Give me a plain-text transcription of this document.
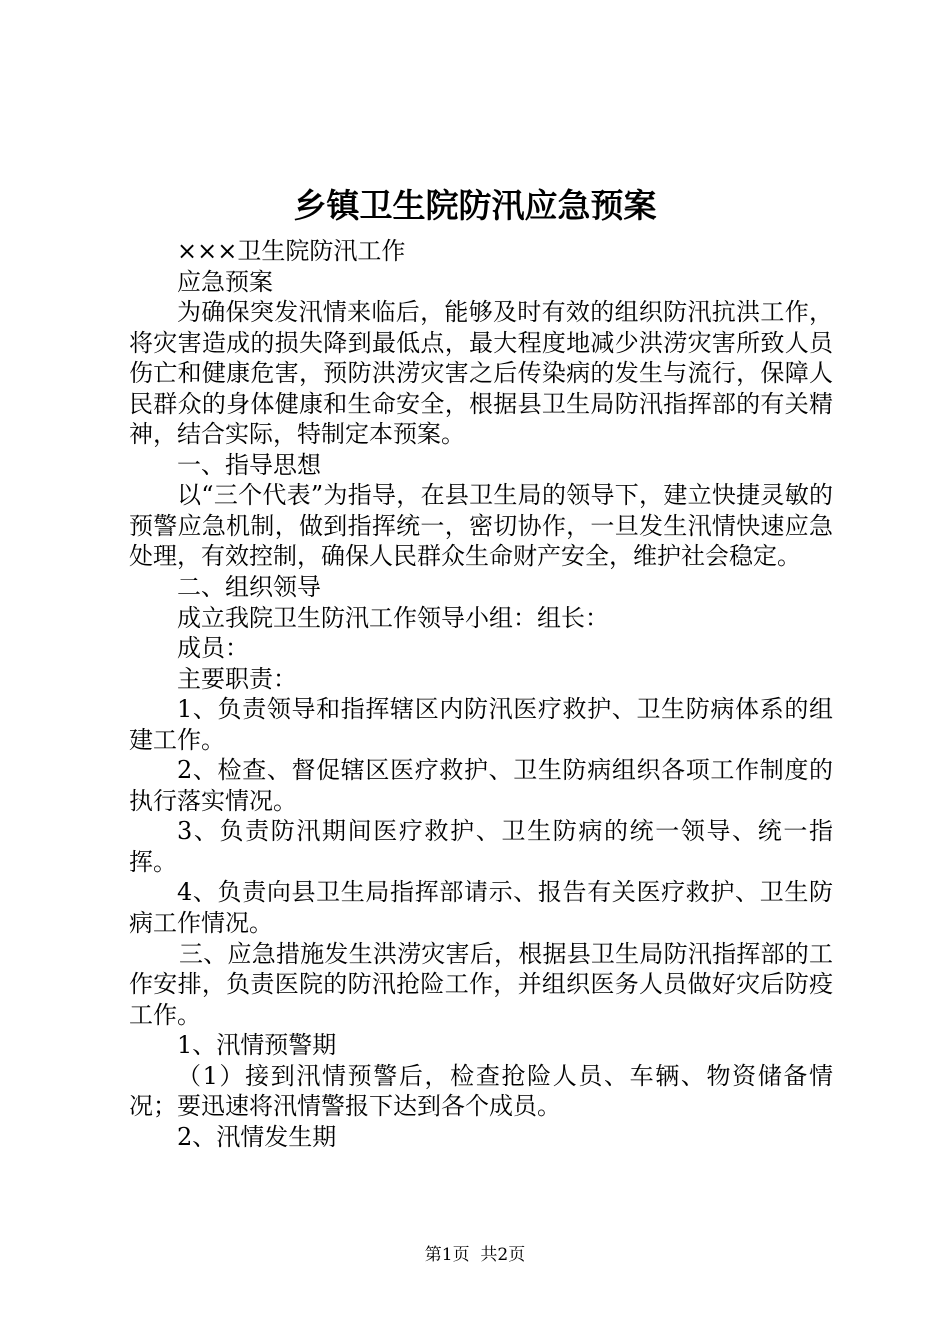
乡镇卫生院防汛应急预案

×××卫生院防汛工作

应急预案

为确保突发汛情来临后，能够及时有效的组织防汛抗洪工作，将灾害造成的损失降到最低点，最大程度地减少洪涝灾害所致人员伤亡和健康危害，预防洪涝灾害之后传染病的发生与流行，保障人民群众的身体健康和生命安全，根据县卫生局防汛指挥部的有关精神，结合实际，特制定本预案。

一、指导思想

以“三个代表”为指导，在县卫生局的领导下，建立快捷灵敏的预警应急机制，做到指挥统一，密切协作，一旦发生汛情快速应急处理，有效控制，确保人民群众生命财产安全，维护社会稳定。

二、组织领导

成立我院卫生防汛工作领导小组：组长：

成员：

主要职责：

1、负责领导和指挥辖区内防汛医疗救护、卫生防病体系的组建工作。

2、检查、督促辖区医疗救护、卫生防病组织各项工作制度的执行落实情况。

3、负责防汛期间医疗救护、卫生防病的统一领导、统一指挥。

4、负责向县卫生局指挥部请示、报告有关医疗救护、卫生防病工作情况。

三、应急措施发生洪涝灾害后，根据县卫生局防汛指挥部的工作安排，负责医院的防汛抢险工作，并组织医务人员做好灾后防疫工作。

1、汛情预警期

（1）接到汛情预警后，检查抢险人员、车辆、物资储备情况；要迅速将汛情警报下达到各个成员。

2、汛情发生期

第1页  共2页
